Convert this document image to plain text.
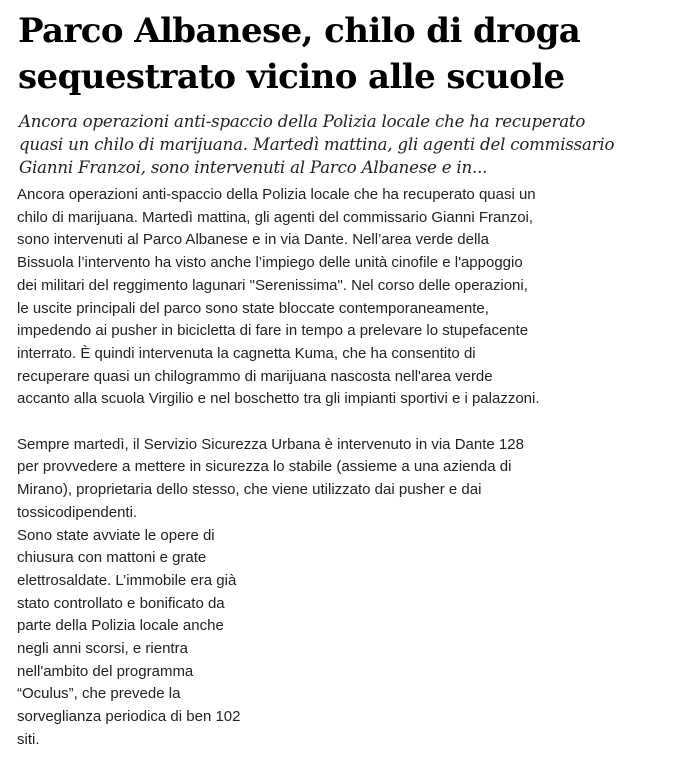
Parco Albanese, chilo di droga
sequestrato vicino alle scuole

Ancora operazioni anti-spaccio della Polizia locale che ha recuperato
quasi un chilo di marijuana. Martedì mattina, gli agenti del commissario
Gianni Franzoi, sono intervenuti al Parco Albanese e in...

Ancora operazioni anti-spaccio della Polizia locale che ha recuperato quasi un
chilo di marijuana. Martedì mattina, gli agenti del commissario Gianni Franzoi,
sono intervenuti al Parco Albanese e in via Dante. Nell’area verde della
Bissuola l’intervento ha visto anche l’impiego delle unità cinofile e l'appoggio
dei militari del reggimento lagunari "Serenissima". Nel corso delle operazioni,
le uscite principali del parco sono state bloccate contemporaneamente,
impedendo ai pusher in bicicletta di fare in tempo a prelevare lo stupefacente
interrato. È quindi intervenuta la cagnetta Kuma, che ha consentito di
recuperare quasi un chilogrammo di marijuana nascosta nell'area verde
accanto alla scuola Virgilio e nel boschetto tra gli impianti sportivi e i palazzoni.

Sempre martedì, il Servizio Sicurezza Urbana è intervenuto in via Dante 128
per provvedere a mettere in sicurezza lo stabile (assieme a una azienda di
Mirano), proprietaria dello stesso, che viene utilizzato dai pusher e dai
tossicodipendenti.

Sono state avviate le opere di
chiusura con mattoni e grate
elettrosaldate. L’immobile era già
stato controllato e bonificato da
parte della Polizia locale anche
negli anni scorsi, e rientra
nell'ambito del programma
“Oculus”, che prevede la
sorveglianza periodica di ben 102
siti.
